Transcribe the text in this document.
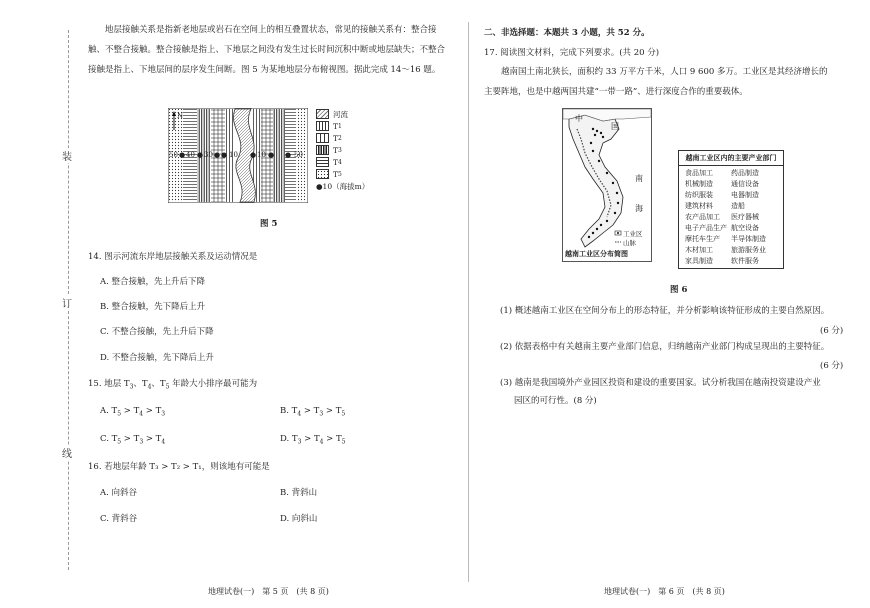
装
订
线
地层接触关系是指新老地层或岩石在空间上的相互叠置状态，常见的接触关系有：整合接
触、不整合接触。整合接触是指上、下地层之间没有发生过长时间沉积中断或地层缺失；不整合
接触是指上、下地层间的层序发生间断。图 5 为某地地层分布俯视图。据此完成 14～16 题。
N
50 ● 40 ● 30 ● ● 10 ● 10 ● ● 50
河流
T 1
T 2
T 3
T 4
T 5
●10（海拔m）
图 5
14. 图示河流东岸地层接触关系及运动情况是
A. 整合接触，先上升后下降
B. 整合接触，先下降后上升
C. 不整合接触，先上升后下降
D. 不整合接触，先下降后上升
15. 地层 $T_3$、$T_4$、$T_5$ 年龄大小排序最可能为
A. $T_5 > T_4 > T_3$	B. $T_4 > T_3 > T_5$
C. $T_5 > T_3 > T_4$	D. $T_3 > T_4 > T_5$
16. 若地层年龄 T₃ > T₂ > T₁，则该地有可能是
A. 向斜谷	B. 背斜山
C. 背斜谷	D. 向斜山
地理试卷(一)　第 5 页　(共 8 页)
二、非选择题：本题共 3 小题，共 52 分。
17. 阅读图文材料，完成下列要求。(共 20 分)
越南国土南北狭长，面积约 33 万平方千米，人口 9 600 多万。工业区是其经济增长的
主要阵地，也是中越两国共建“一带一路”、进行深度合作的重要载体。
中
国
南
海
工业区
山脉
越南工业区分布简图
越南工业区内的主要产业部门
食品加工	药品制造
机械制造	通信设备
纺织服装	电器制造
建筑材料	造船
农产品加工	医疗器械
电子产品生产 航空设备
摩托车生产	半导体制造
木材加工	旅游服务业
家具制造	软件服务
图 6
(1) 概述越南工业区在空间分布上的形态特征，并分析影响该特征形成的主要自然原因。
(6 分)
(2) 依据表格中有关越南主要产业部门信息，归纳越南产业部门构成呈现出的主要特征。
(6 分)
(3) 越南是我国境外产业园区投资和建设的重要国家。试分析我国在越南投资建设产业
园区的可行性。(8 分)
地理试卷(一)　第 6 页　(共 8 页)
